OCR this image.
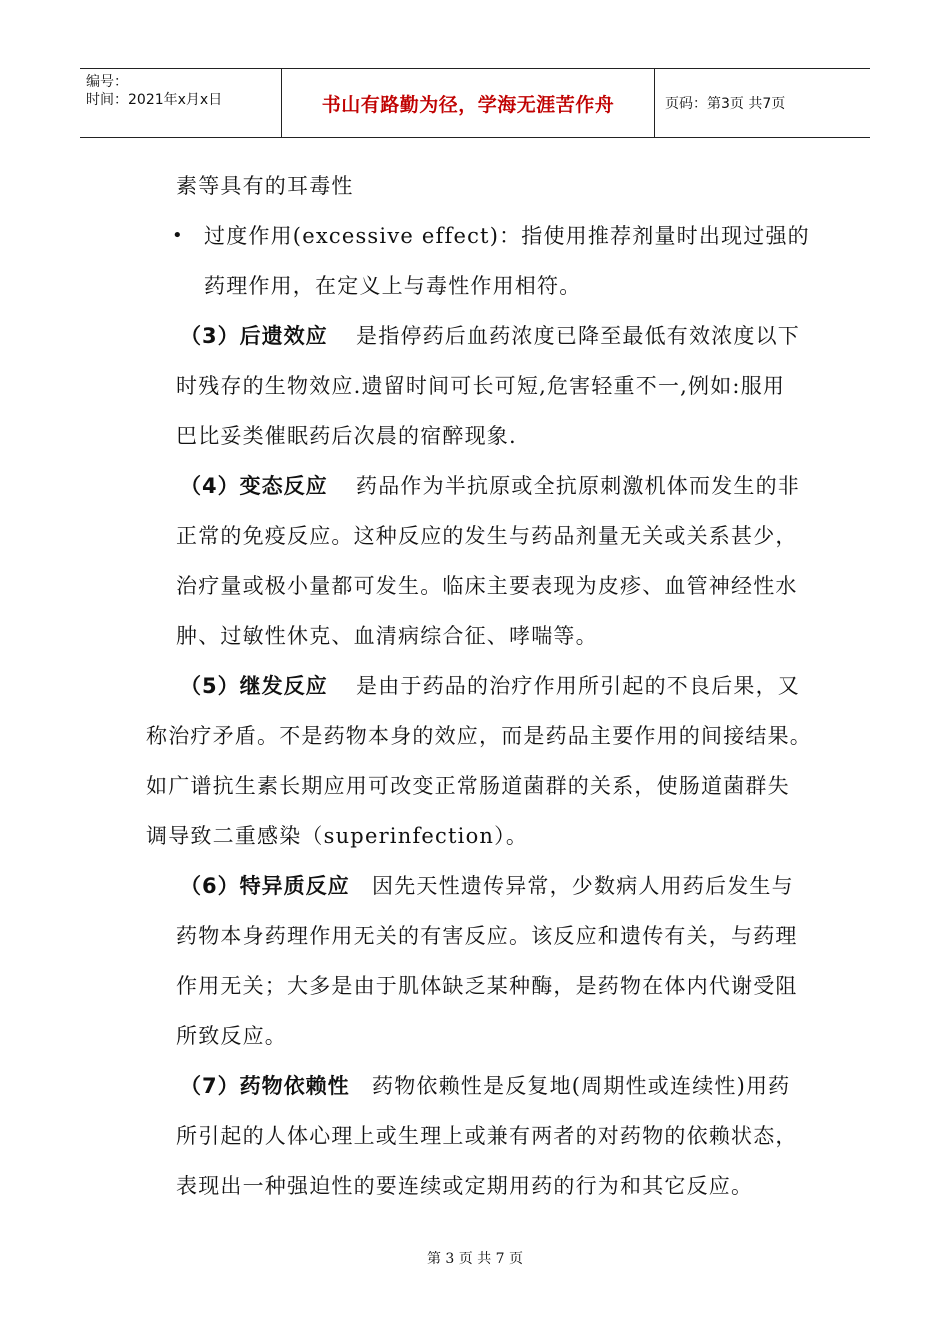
编号：
时间：2021年x月x日	书山有路勤为径，学海无涯苦作舟	页码：第3页 共7页
素等具有的耳毒性
• 过度作用(excessive effect)：指使用推荐剂量时出现过强的
药理作用，在定义上与毒性作用相符。
（3）后遗效应 是指停药后血药浓度已降至最低有效浓度以下
时残存的生物效应.遗留时间可长可短,危害轻重不一,例如:服用
巴比妥类催眠药后次晨的宿醉现象.
（4）变态反应 药品作为半抗原或全抗原刺激机体而发生的非
正常的免疫反应。这种反应的发生与药品剂量无关或关系甚少，
治疗量或极小量都可发生。临床主要表现为皮疹、血管神经性水
肿、过敏性休克、血清病综合征、哮喘等。
（5）继发反应 是由于药品的治疗作用所引起的不良后果，又
称治疗矛盾。不是药物本身的效应，而是药品主要作用的间接结果。
如广谱抗生素长期应用可改变正常肠道菌群的关系，使肠道菌群失
调导致二重感染（superinfection）。
（6）特异质反应 因先天性遗传异常，少数病人用药后发生与
药物本身药理作用无关的有害反应。该反应和遗传有关，与药理
作用无关；大多是由于肌体缺乏某种酶，是药物在体内代谢受阻
所致反应。
（7）药物依赖性 药物依赖性是反复地(周期性或连续性)用药
所引起的人体心理上或生理上或兼有两者的对药物的依赖状态，
表现出一种强迫性的要连续或定期用药的行为和其它反应。
第 3 页 共 7 页
